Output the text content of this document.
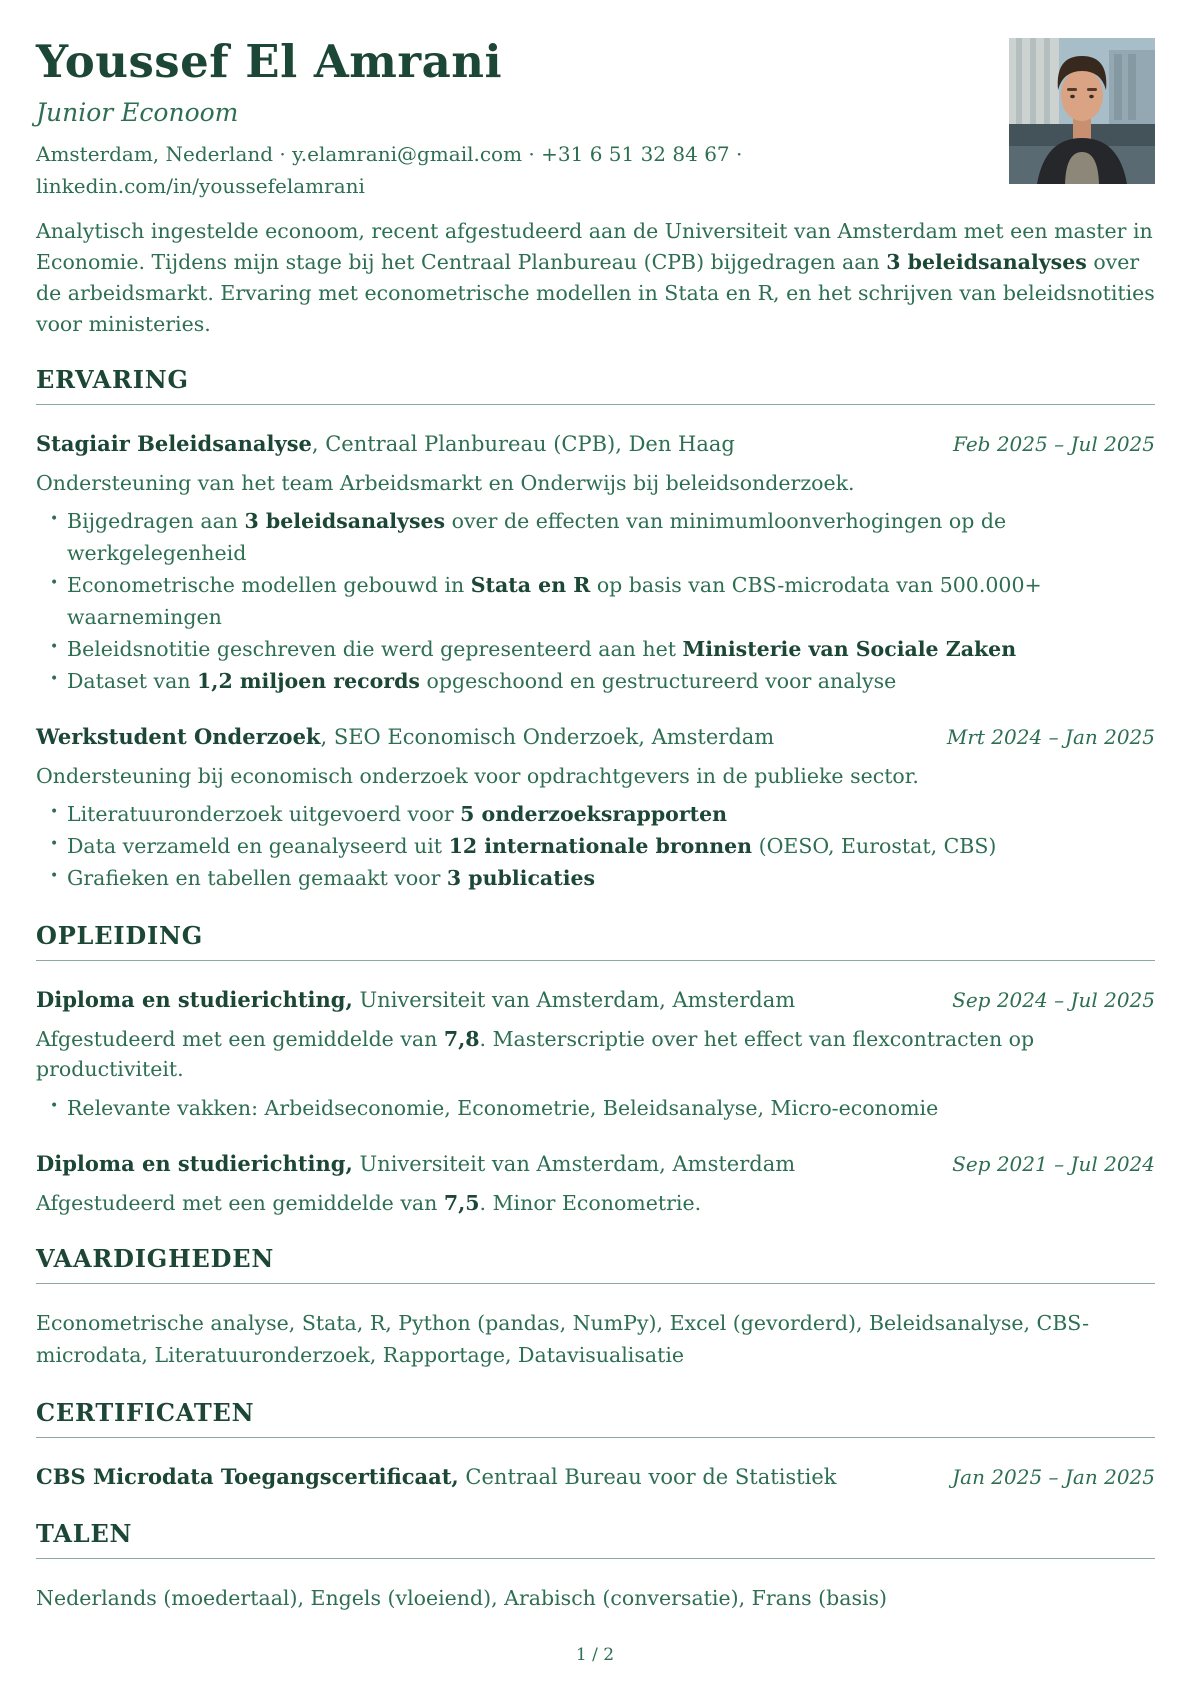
Youssef El Amrani

Junior Econoom

Amsterdam, Nederland · y.elamrani@gmail.com · +31 6 51 32 84 67 · linkedin.com/in/youssefelamrani

Analytisch ingestelde econoom, recent afgestudeerd aan de Universiteit van Amsterdam met een master in Economie. Tijdens mijn stage bij het Centraal Planbureau (CPB) bijgedragen aan 3 beleidsanalyses over de arbeidsmarkt. Ervaring met econometrische modellen in Stata en R, en het schrijven van beleidsnotities voor ministeries.

ERVARING

Stagiair Beleidsanalyse, Centraal Planbureau (CPB), Den Haag	Feb 2025 – Jul 2025

Ondersteuning van het team Arbeidsmarkt en Onderwijs bij beleidsonderzoek.

• Bijgedragen aan 3 beleidsanalyses over de effecten van minimumloonverhogingen op de werkgelegenheid
• Econometrische modellen gebouwd in Stata en R op basis van CBS-microdata van 500.000+ waarnemingen
• Beleidsnotitie geschreven die werd gepresenteerd aan het Ministerie van Sociale Zaken
• Dataset van 1,2 miljoen records opgeschoond en gestructureerd voor analyse

Werkstudent Onderzoek, SEO Economisch Onderzoek, Amsterdam	Mrt 2024 – Jan 2025

Ondersteuning bij economisch onderzoek voor opdrachtgevers in de publieke sector.

• Literatuuronderzoek uitgevoerd voor 5 onderzoeksrapporten
• Data verzameld en geanalyseerd uit 12 internationale bronnen (OESO, Eurostat, CBS)
• Grafieken en tabellen gemaakt voor 3 publicaties
OPLEIDING

Diploma en studierichting, Universiteit van Amsterdam, Amsterdam	Sep 2024 – Jul 2025

Afgestudeerd met een gemiddelde van 7,8. Masterscriptie over het effect van flexcontracten op productiviteit.

• Relevante vakken: Arbeidseconomie, Econometrie, Beleidsanalyse, Micro-economie

Diploma en studierichting, Universiteit van Amsterdam, Amsterdam	Sep 2021 – Jul 2024

Afgestudeerd met een gemiddelde van 7,5. Minor Econometrie.

VAARDIGHEDEN

Econometrische analyse, Stata, R, Python (pandas, NumPy), Excel (gevorderd), Beleidsanalyse, CBS-microdata, Literatuuronderzoek, Rapportage, Datavisualisatie

CERTIFICATEN

CBS Microdata Toegangscertificaat, Centraal Bureau voor de Statistiek	Jan 2025 – Jan 2025

TALEN

Nederlands (moedertaal), Engels (vloeiend), Arabisch (conversatie), Frans (basis)

1 / 2
